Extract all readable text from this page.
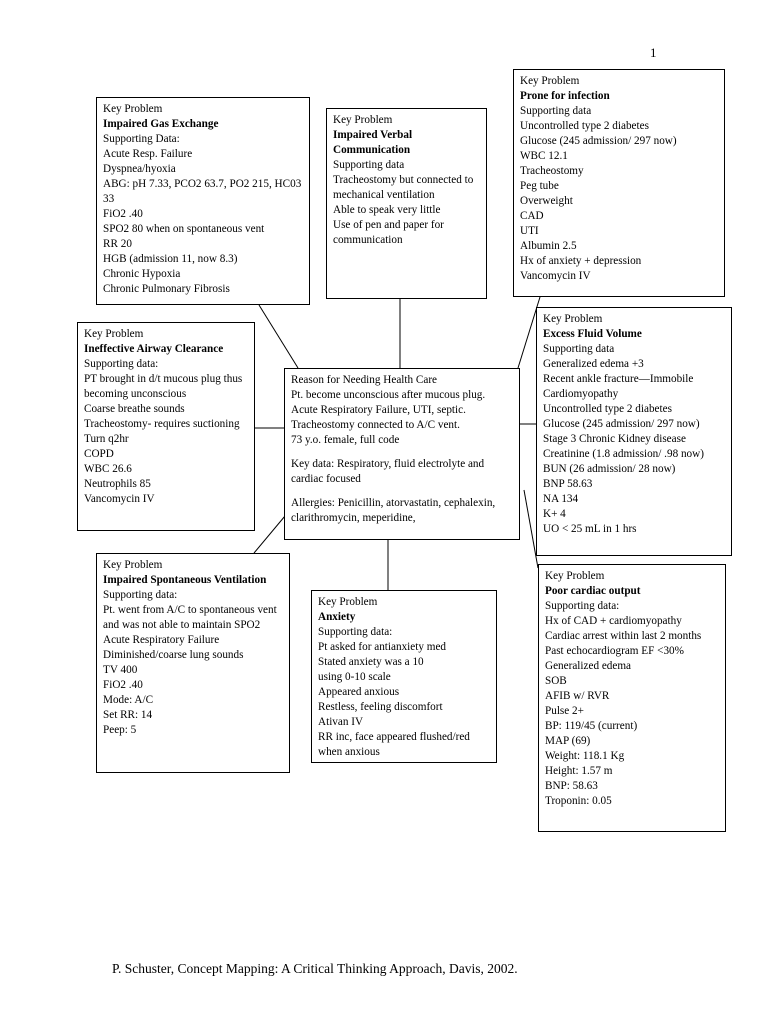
1
Key Problem
Impaired Gas Exchange
Supporting Data:
Acute Resp. Failure
Dyspnea/hyoxia
ABG: pH 7.33, PCO2 63.7, PO2 215, HC03 33
FiO2 .40
SPO2 80 when on spontaneous vent
RR 20
HGB (admission 11, now 8.3)
Chronic Hypoxia
Chronic Pulmonary Fibrosis
Key Problem
Impaired Verbal Communication
Supporting data
Tracheostomy but connected to mechanical ventilation
Able to speak very little
Use of pen and paper for communication
Key Problem
Prone for infection
Supporting data
Uncontrolled type 2 diabetes
Glucose (245 admission/ 297 now)
WBC 12.1
Tracheostomy
Peg tube
Overweight
CAD
UTI
Albumin 2.5
Hx of anxiety + depression
Vancomycin IV
Key Problem
Ineffective Airway Clearance
Supporting data:
PT brought in d/t mucous plug thus becoming unconscious
Coarse breathe sounds
Tracheostomy- requires suctioning
Turn q2hr
COPD
WBC 26.6
Neutrophils 85
Vancomycin IV
Reason for Needing Health Care
Pt. become unconscious after mucous plug.
Acute Respiratory Failure, UTI, septic.
Tracheostomy connected to A/C vent.
73 y.o. female, full code
Key data: Respiratory, fluid electrolyte and cardiac focused
Allergies: Penicillin, atorvastatin, cephalexin, clarithromycin, meperidine,
Key Problem
Excess Fluid Volume
Supporting data
Generalized edema +3
Recent ankle fracture—Immobile
Cardiomyopathy
Uncontrolled type 2 diabetes
Glucose (245 admission/ 297 now)
Stage 3 Chronic Kidney disease
Creatinine (1.8 admission/ .98 now)
BUN (26 admission/ 28 now)
BNP 58.63
NA 134
K+ 4
UO < 25 mL in 1 hrs
Key Problem
Impaired Spontaneous Ventilation
Supporting data:
Pt. went from A/C to spontaneous vent
and was not able to maintain SPO2
Acute Respiratory Failure
Diminished/coarse lung sounds
TV 400
FiO2 .40
Mode: A/C
Set RR: 14
Peep: 5
Key Problem
Anxiety
Supporting data:
Pt asked for antianxiety med
Stated anxiety was a 10
using 0-10 scale
Appeared anxious
Restless, feeling discomfort
Ativan IV
RR inc, face appeared flushed/red when anxious
Key Problem
Poor cardiac output
Supporting data:
Hx of CAD + cardiomyopathy
Cardiac arrest within last 2 months
Past echocardiogram EF <30%
Generalized edema
SOB
AFIB w/ RVR
Pulse 2+
BP: 119/45 (current)
MAP (69)
Weight: 118.1 Kg
Height: 1.57 m
BNP: 58.63
Troponin: 0.05
P. Schuster, Concept Mapping: A Critical Thinking Approach, Davis, 2002.
